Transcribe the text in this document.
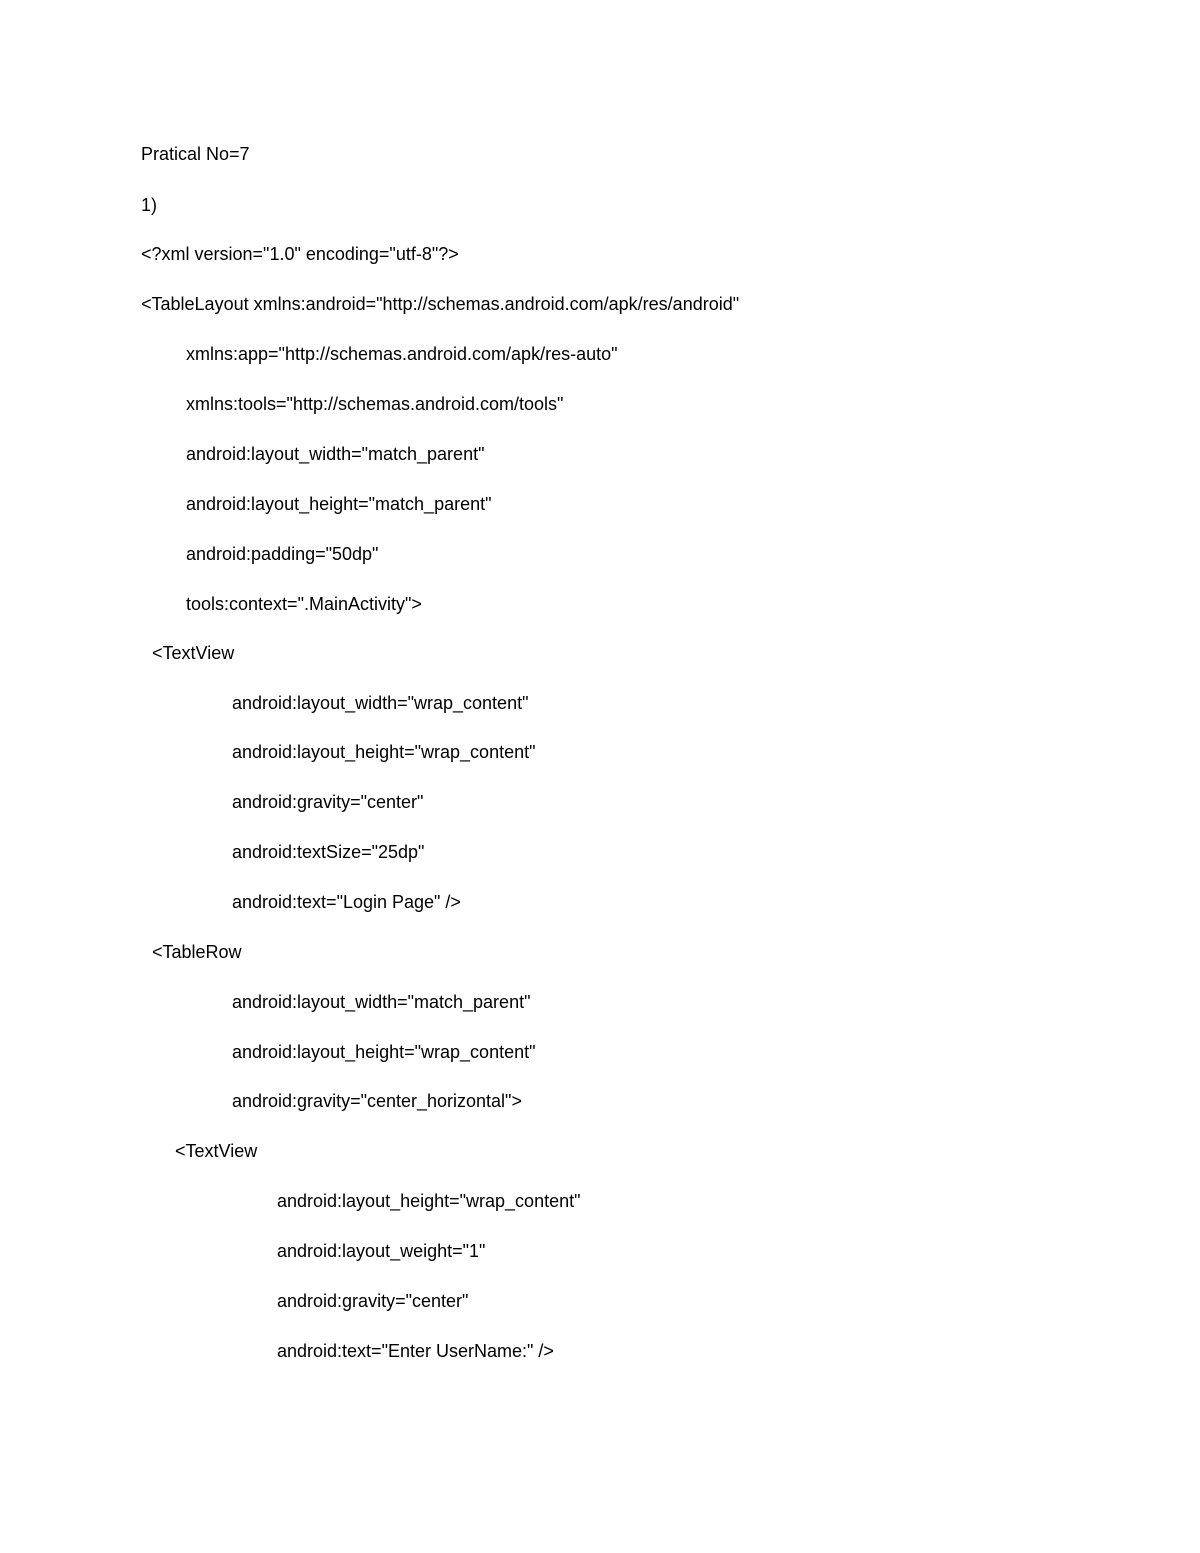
Pratical No=7
1)
<?xml version="1.0" encoding="utf-8"?>
<TableLayout xmlns:android="http://schemas.android.com/apk/res/android"
xmlns:app="http://schemas.android.com/apk/res-auto"
xmlns:tools="http://schemas.android.com/tools"
android:layout_width="match_parent"
android:layout_height="match_parent"
android:padding="50dp"
tools:context=".MainActivity">
<TextView
android:layout_width="wrap_content"
android:layout_height="wrap_content"
android:gravity="center"
android:textSize="25dp"
android:text="Login Page" />
<TableRow
android:layout_width="match_parent"
android:layout_height="wrap_content"
android:gravity="center_horizontal">
<TextView
android:layout_height="wrap_content"
android:layout_weight="1"
android:gravity="center"
android:text="Enter UserName:" />
